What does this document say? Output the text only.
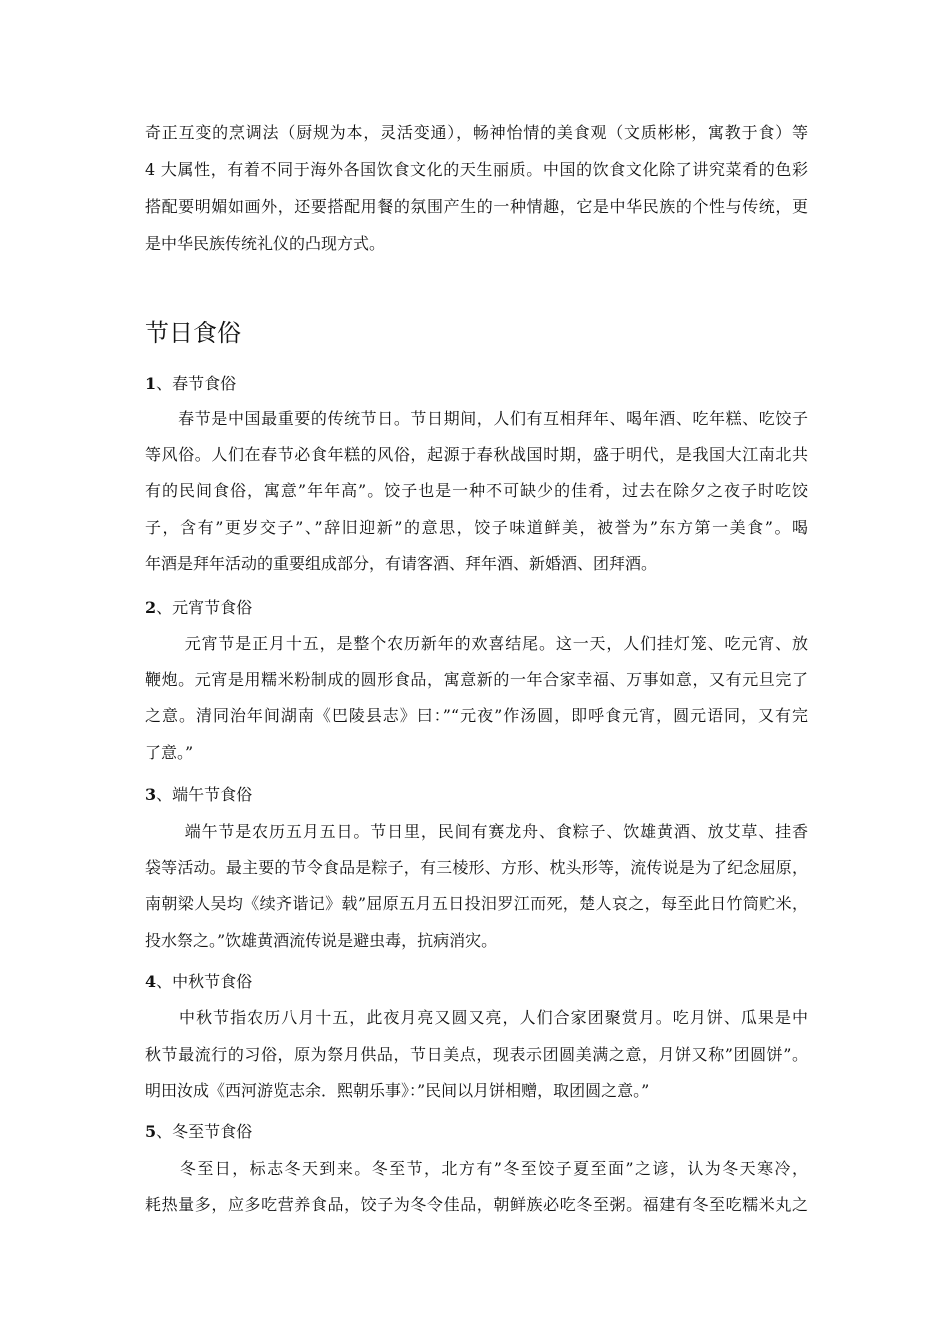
奇正互变的烹调法（厨规为本，灵活变通），畅神怡情的美食观（文质彬彬，寓教于食）等
4 大属性，有着不同于海外各国饮食文化的天生丽质。中国的饮食文化除了讲究菜肴的色彩
搭配要明媚如画外，还要搭配用餐的氛围产生的一种情趣，它是中华民族的个性与传统，更
是中华民族传统礼仪的凸现方式。
节日食俗
1、春节食俗
　　春节是中国最重要的传统节日。节日期间，人们有互相拜年、喝年酒、吃年糕、吃饺子
等风俗。人们在春节必食年糕的风俗，起源于春秋战国时期，盛于明代，是我国大江南北共
有的民间食俗，寓意”年年高”。饺子也是一种不可缺少的佳肴，过去在除夕之夜子时吃饺
子，含有”更岁交子”、”辞旧迎新”的意思，饺子味道鲜美，被誉为”东方第一美食”。喝
年酒是拜年活动的重要组成部分，有请客酒、拜年酒、新婚酒、团拜酒。
2、元宵节食俗
　　 元宵节是正月十五，是整个农历新年的欢喜结尾。这一天，人们挂灯笼、吃元宵、放
鞭炮。元宵是用糯米粉制成的圆形食品，寓意新的一年合家幸福、万事如意，又有元旦完了
之意。清同治年间湖南《巴陵县志》曰：”“元夜”作汤圆，即呼食元宵，圆元语同，又有完
了意。”
3、端午节食俗
　　 端午节是农历五月五日。节日里，民间有赛龙舟、食粽子、饮雄黄酒、放艾草、挂香
袋等活动。最主要的节令食品是粽子，有三棱形、方形、枕头形等，流传说是为了纪念屈原，
南朝梁人吴均《续齐谐记》载”屈原五月五日投汨罗江而死，楚人哀之，每至此日竹筒贮米，
投水祭之。”饮雄黄酒流传说是避虫毒，抗病消灾。
4、中秋节食俗
　　中秋节指农历八月十五，此夜月亮又圆又亮，人们合家团聚赏月。吃月饼、瓜果是中
秋节最流行的习俗，原为祭月供品，节日美点，现表示团圆美满之意，月饼又称”团圆饼”。
明田汝成《西河游览志余．熙朝乐事》：”民间以月饼相赠，取团圆之意。”
5、冬至节食俗
　　冬至日，标志冬天到来。冬至节，北方有”冬至饺子夏至面”之谚，认为冬天寒冷，
耗热量多，应多吃营养食品，饺子为冬令佳品，朝鲜族必吃冬至粥。福建有冬至吃糯米丸之
